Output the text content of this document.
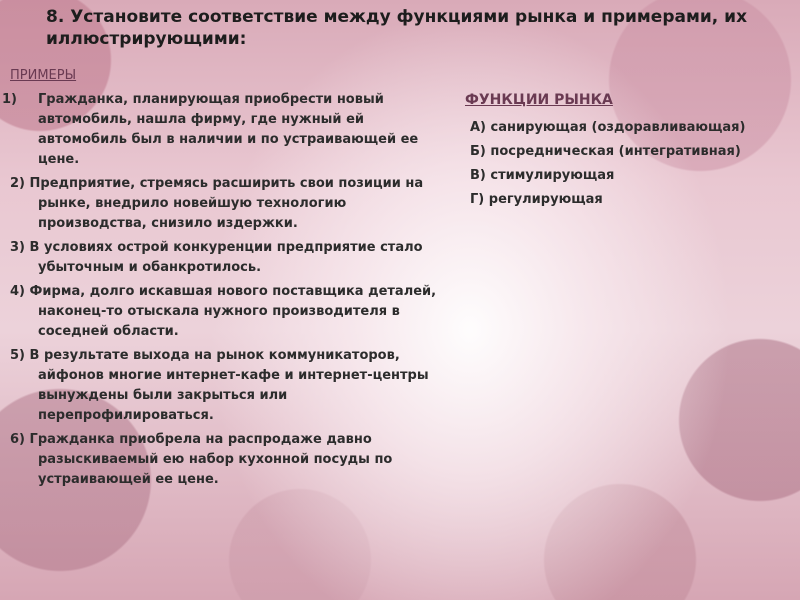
8. Установите соответствие между функциями рынка и примерами, их иллюстрирующими:
ПРИМЕРЫ
1)	Гражданка, планирующая приобрести новый автомобиль, нашла фирму, где нужный ей автомобиль был в наличии и по устраивающей ее цене.
2) Предприятие, стремясь расширить свои позиции на рынке, внедрило новейшую технологию производства, снизило издержки.
3) В условиях острой конкуренции предприятие стало убыточным и обанкротилось.
4) Фирма, долго искавшая нового поставщика деталей, наконец-то отыскала нужного производителя в соседней области.
5) В результате выхода на рынок коммуникаторов, айфонов многие интернет-кафе и интернет-центры вынуждены были закрыться или перепрофилироваться.
6) Гражданка приобрела на распродаже давно разыскиваемый ею набор кухонной посуды по устраивающей ее цене.
ФУНКЦИИ РЫНКА
А) санирующая (оздоравливающая)
Б) посредническая (интегративная)
В) стимулирующая
Г) регулирующая
